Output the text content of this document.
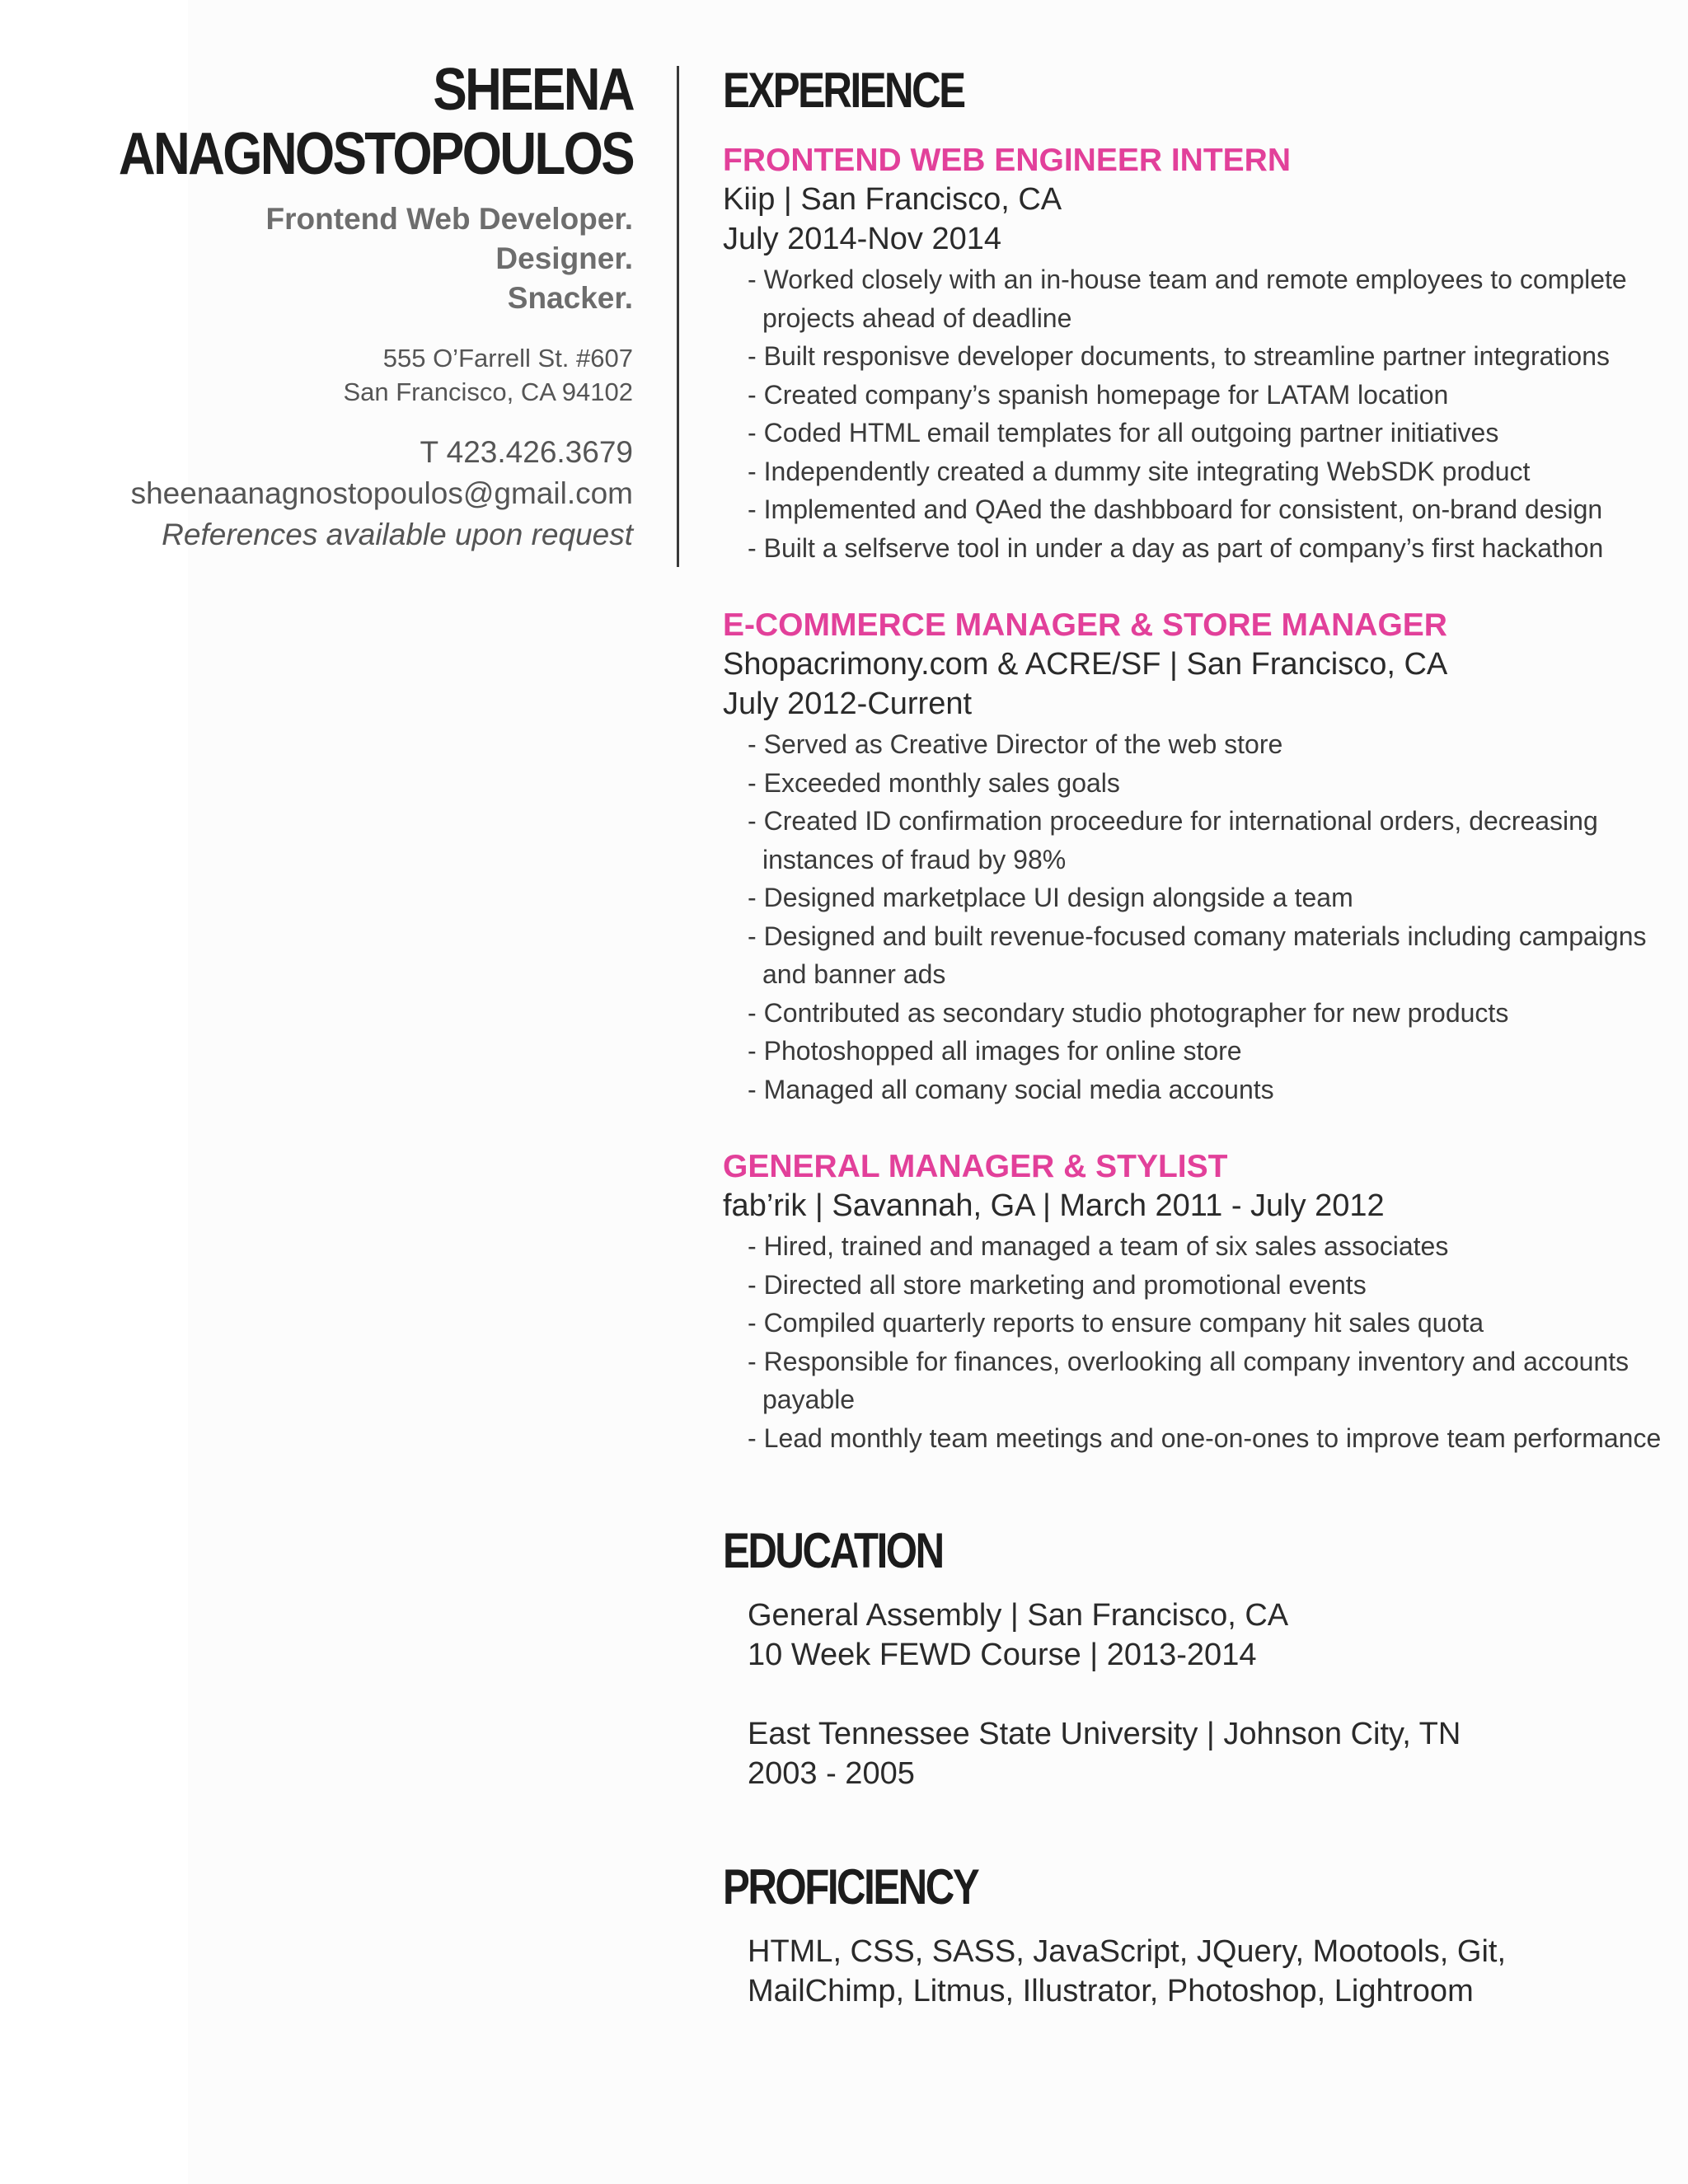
SHEENA
ANAGNOSTOPOULOS
Frontend Web Developer.
Designer.
Snacker.
555 O’Farrell St. #607
San Francisco, CA 94102
T 423.426.3679
sheenaanagnostopoulos@gmail.com
References available upon request
EXPERIENCE
FRONTEND WEB ENGINEER INTERN
Kiip | San Francisco, CA
July 2014-Nov 2014
- Worked closely with an in-house team and remote employees to complete projects ahead of deadline
- Built responisve developer documents, to streamline partner integrations
- Created company’s spanish homepage for LATAM location
- Coded HTML email templates for all outgoing partner initiatives
- Independently created a dummy site integrating WebSDK product
- Implemented and QAed the dashbboard for consistent, on-brand design
- Built a selfserve tool in under a day as part of company’s first hackathon
E-COMMERCE MANAGER & STORE MANAGER
Shopacrimony.com & ACRE/SF | San Francisco, CA
July 2012-Current
- Served as Creative Director of the web store
- Exceeded monthly sales goals
- Created ID confirmation proceedure for international orders, decreasing instances of fraud by 98%
- Designed marketplace UI design alongside a team
- Designed and built revenue-focused comany materials including campaigns and banner ads
- Contributed as secondary studio photographer for new products
- Photoshopped all images for online store
- Managed all comany social media accounts
GENERAL MANAGER & STYLIST
fab’rik | Savannah, GA | March 2011 - July 2012
- Hired, trained and managed a team of six sales associates
- Directed all store marketing and promotional events
- Compiled quarterly reports to ensure company hit sales quota
- Responsible for finances, overlooking all company inventory and accounts payable
- Lead monthly team meetings and one-on-ones to improve team performance
EDUCATION
General Assembly | San Francisco, CA
10 Week FEWD Course | 2013-2014
East Tennessee State University | Johnson City, TN
2003 - 2005
PROFICIENCY
HTML, CSS, SASS, JavaScript, JQuery, Mootools, Git,
MailChimp, Litmus, Illustrator, Photoshop, Lightroom
